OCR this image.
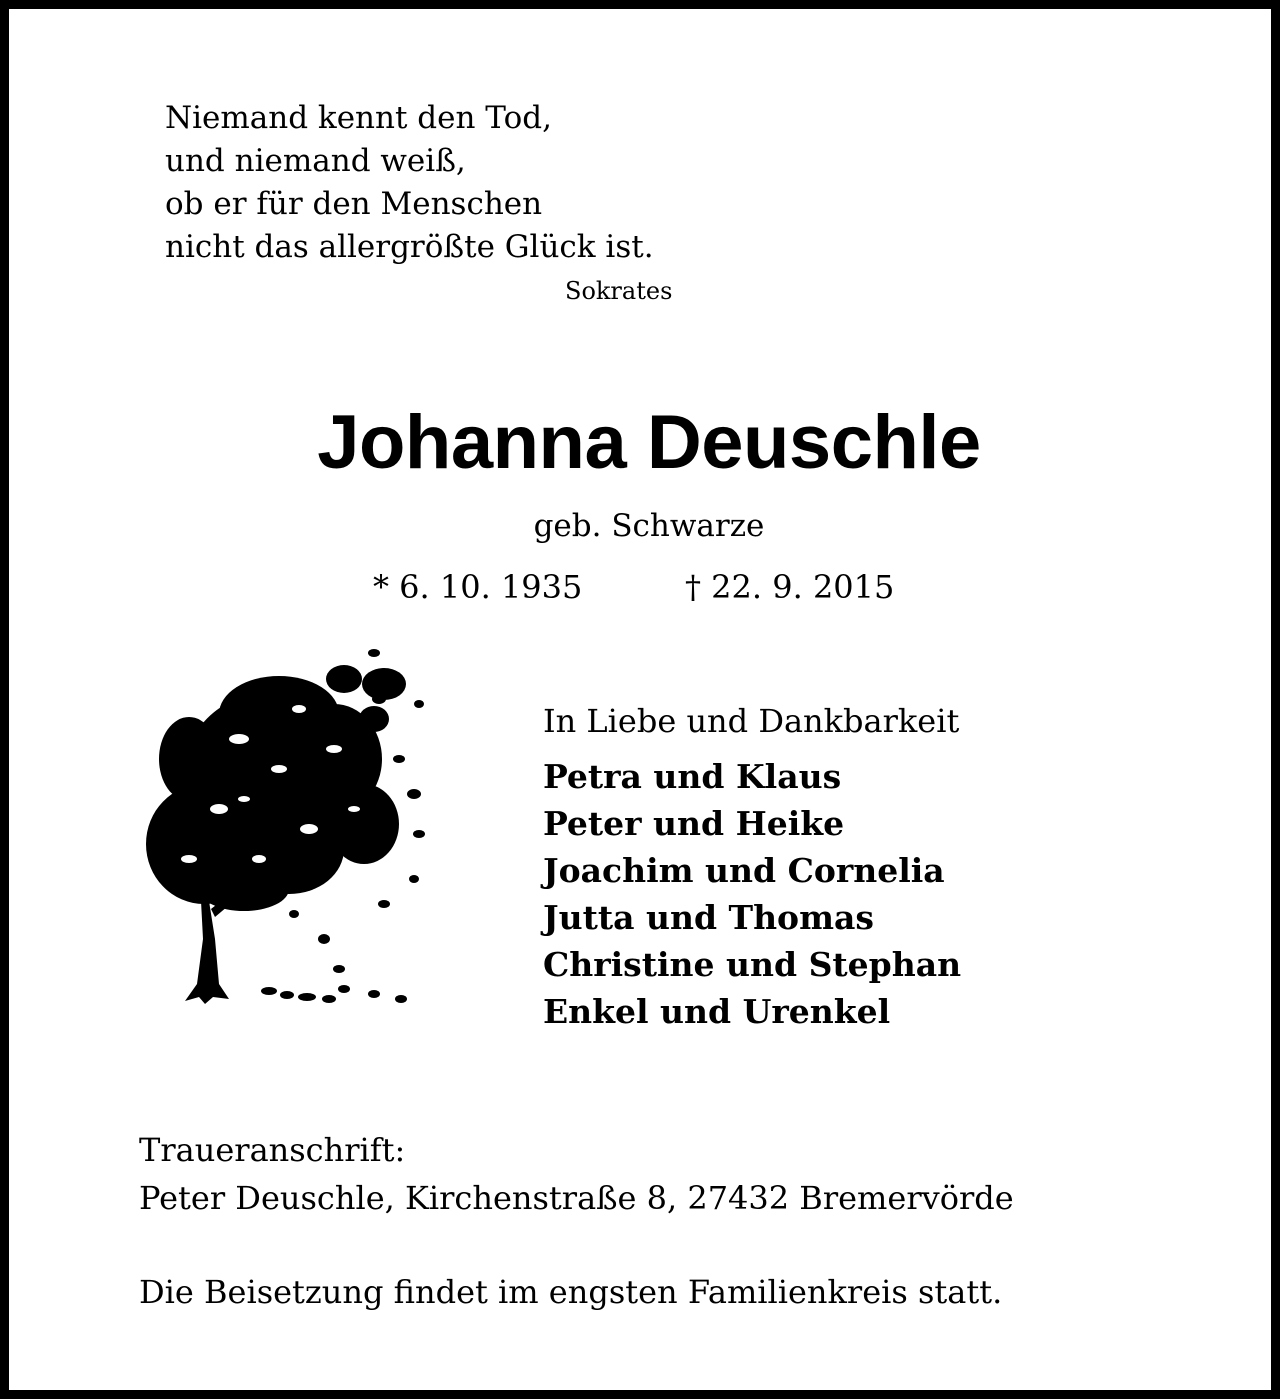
Niemand kennt den Tod,
und niemand weiß,
ob er für den Menschen
nicht das allergrößte Glück ist.
Sokrates
Johanna Deuschle
geb. Schwarze
* 6. 10. 1935	† 22. 9. 2015
In Liebe und Dankbarkeit
Petra und Klaus
Peter und Heike
Joachim und Cornelia
Jutta und Thomas
Christine und Stephan
Enkel und Urenkel
Traueranschrift:
Peter Deuschle, Kirchenstraße 8, 27432 Bremervörde
Die Beisetzung findet im engsten Familienkreis statt.
